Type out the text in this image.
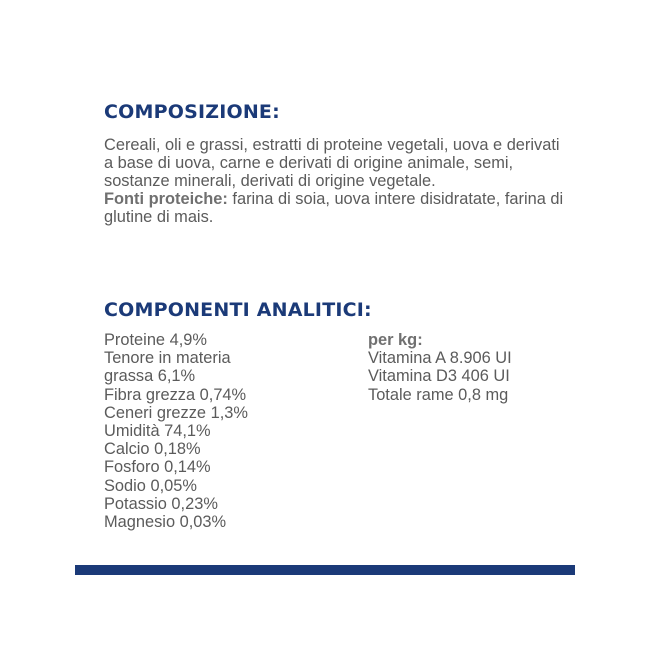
COMPOSIZIONE:

Cereali, oli e grassi, estratti di proteine vegetali, uova e derivati a base di uova, carne e derivati di origine animale, semi, sostanze minerali, derivati di origine vegetale.
Fonti proteiche: farina di soia, uova intere disidratate, farina di glutine di mais.

COMPONENTI ANALITICI:
Proteine 4,9%
Tenore in materia
grassa 6,1%
Fibra grezza 0,74%
Ceneri grezze 1,3%
Umidità 74,1%
Calcio 0,18%
Fosforo 0,14%
Sodio 0,05%
Potassio 0,23%
Magnesio 0,03%
per kg:
Vitamina A 8.906 UI
Vitamina D3 406 UI
Totale rame 0,8 mg
